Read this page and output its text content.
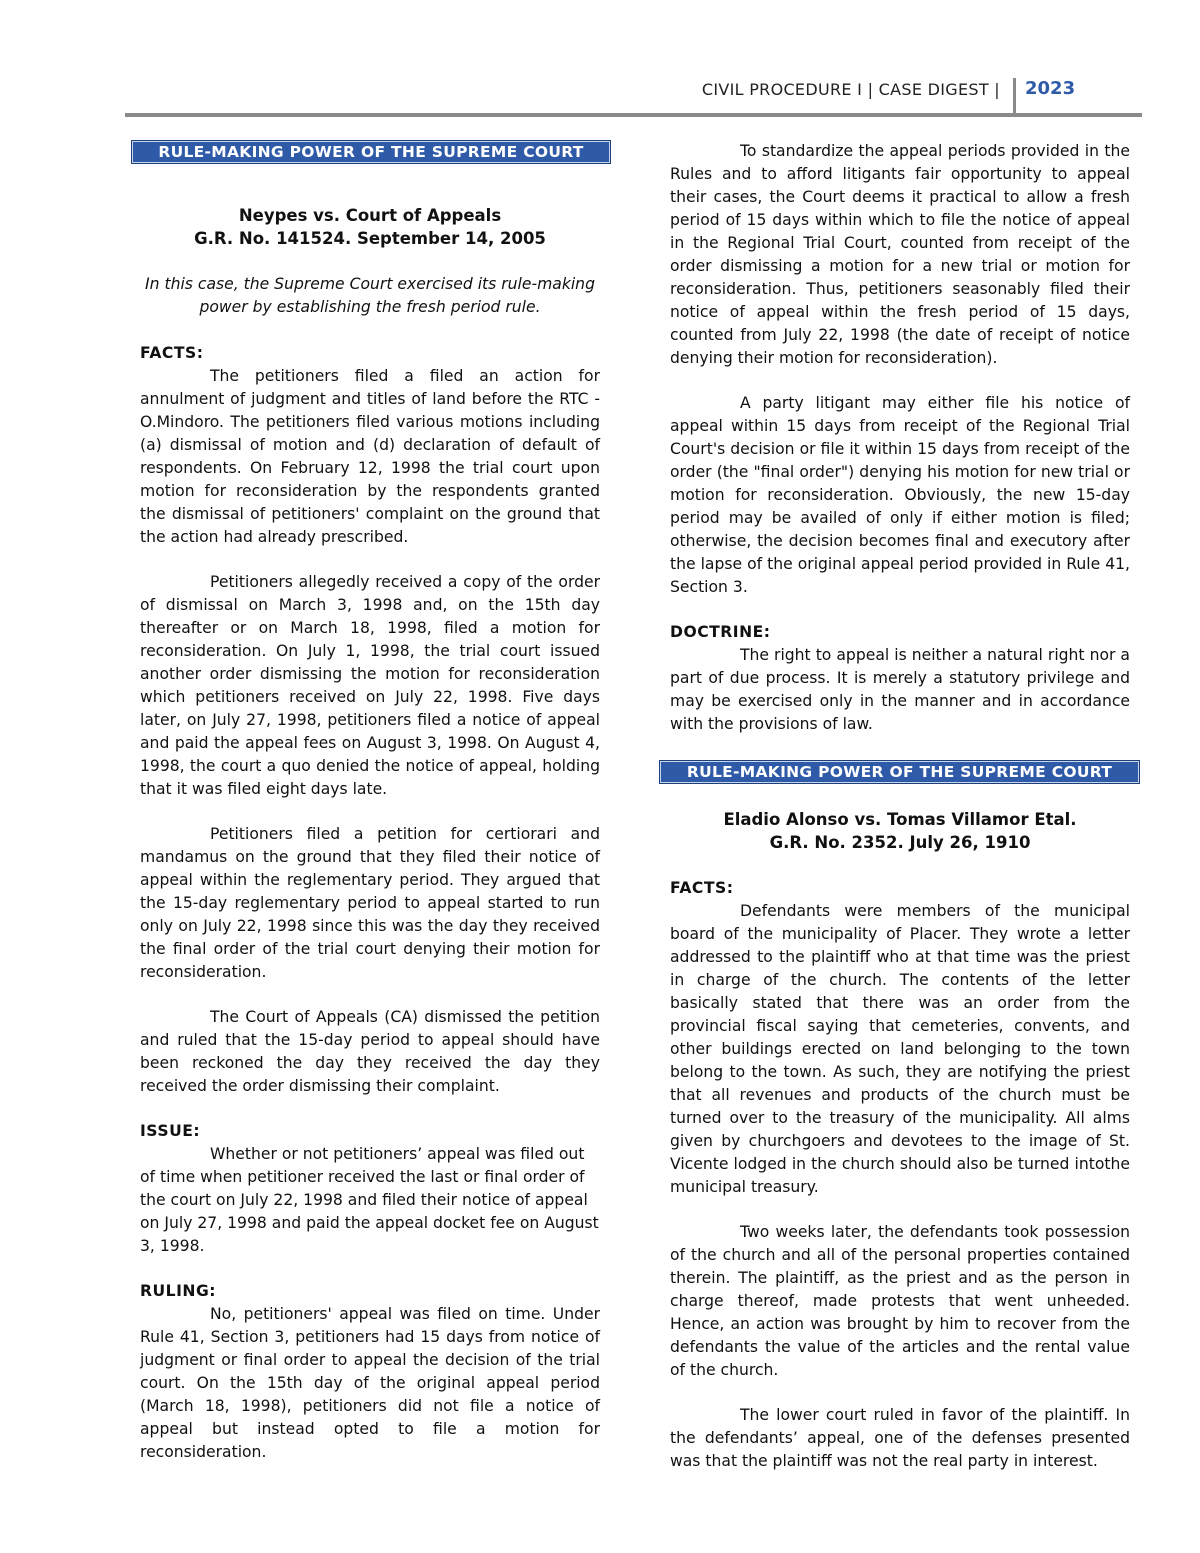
CIVIL PROCEDURE I | CASE DIGEST | 2023
RULE-MAKING POWER OF THE SUPREME COURT
Neypes vs. Court of Appeals
G.R. No. 141524. September 14, 2005
In this case, the Supreme Court exercised its rule-making power by establishing the fresh period rule.
FACTS:

The petitioners filed a filed an action for annulment of judgment and titles of land before the RTC - O.Mindoro. The petitioners filed various motions including (a) dismissal of motion and (d) declaration of default of respondents. On February 12, 1998 the trial court upon motion for reconsideration by the respondents granted the dismissal of petitioners' complaint on the ground that the action had already prescribed.

Petitioners allegedly received a copy of the order of dismissal on March 3, 1998 and, on the 15th day thereafter or on March 18, 1998, filed a motion for reconsideration. On July 1, 1998, the trial court issued another order dismissing the motion for reconsideration which petitioners received on July 22, 1998. Five days later, on July 27, 1998, petitioners filed a notice of appeal and paid the appeal fees on August 3, 1998. On August 4, 1998, the court a quo denied the notice of appeal, holding that it was filed eight days late.

Petitioners filed a petition for certiorari and mandamus on the ground that they filed their notice of appeal within the reglementary period. They argued that the 15-day reglementary period to appeal started to run only on July 22, 1998 since this was the day they received the final order of the trial court denying their motion for reconsideration.

The Court of Appeals (CA) dismissed the petition and ruled that the 15-day period to appeal should have been reckoned the day they received the day they received the order dismissing their complaint.

ISSUE:

Whether or not petitioners’ appeal was filed out of time when petitioner received the last or final order of the court on July 22, 1998 and filed their notice of appeal on July 27, 1998 and paid the appeal docket fee on August 3, 1998.

RULING:

No, petitioners' appeal was filed on time. Under Rule 41, Section 3, petitioners had 15 days from notice of judgment or final order to appeal the decision of the trial court. On the 15th day of the original appeal period (March 18, 1998), petitioners did not file a notice of appeal but instead opted to file a motion for reconsideration.

To standardize the appeal periods provided in the Rules and to afford litigants fair opportunity to appeal their cases, the Court deems it practical to allow a fresh period of 15 days within which to file the notice of appeal in the Regional Trial Court, counted from receipt of the order dismissing a motion for a new trial or motion for reconsideration. Thus, petitioners seasonably filed their notice of appeal within the fresh period of 15 days, counted from July 22, 1998 (the date of receipt of notice denying their motion for reconsideration).

A party litigant may either file his notice of appeal within 15 days from receipt of the Regional Trial Court's decision or file it within 15 days from receipt of the order (the "final order") denying his motion for new trial or motion for reconsideration. Obviously, the new 15-day period may be availed of only if either motion is filed; otherwise, the decision becomes final and executory after the lapse of the original appeal period provided in Rule 41, Section 3.

DOCTRINE:

The right to appeal is neither a natural right nor a part of due process. It is merely a statutory privilege and may be exercised only in the manner and in accordance with the provisions of law.

RULE-MAKING POWER OF THE SUPREME COURT
Eladio Alonso vs. Tomas Villamor Etal.
G.R. No. 2352. July 26, 1910
FACTS:

Defendants were members of the municipal board of the municipality of Placer. They wrote a letter addressed to the plaintiff who at that time was the priest in charge of the church. The contents of the letter basically stated that there was an order from the provincial fiscal saying that cemeteries, convents, and other buildings erected on land belonging to the town belong to the town. As such, they are notifying the priest that all revenues and products of the church must be turned over to the treasury of the municipality. All alms given by churchgoers and devotees to the image of St. Vicente lodged in the church should also be turned intothe municipal treasury.

Two weeks later, the defendants took possession of the church and all of the personal properties contained therein. The plaintiff, as the priest and as the person in charge thereof, made protests that went unheeded. Hence, an action was brought by him to recover from the defendants the value of the articles and the rental value of the church.

The lower court ruled in favor of the plaintiff. In the defendants’ appeal, one of the defenses presented was that the plaintiff was not the real party in interest.
